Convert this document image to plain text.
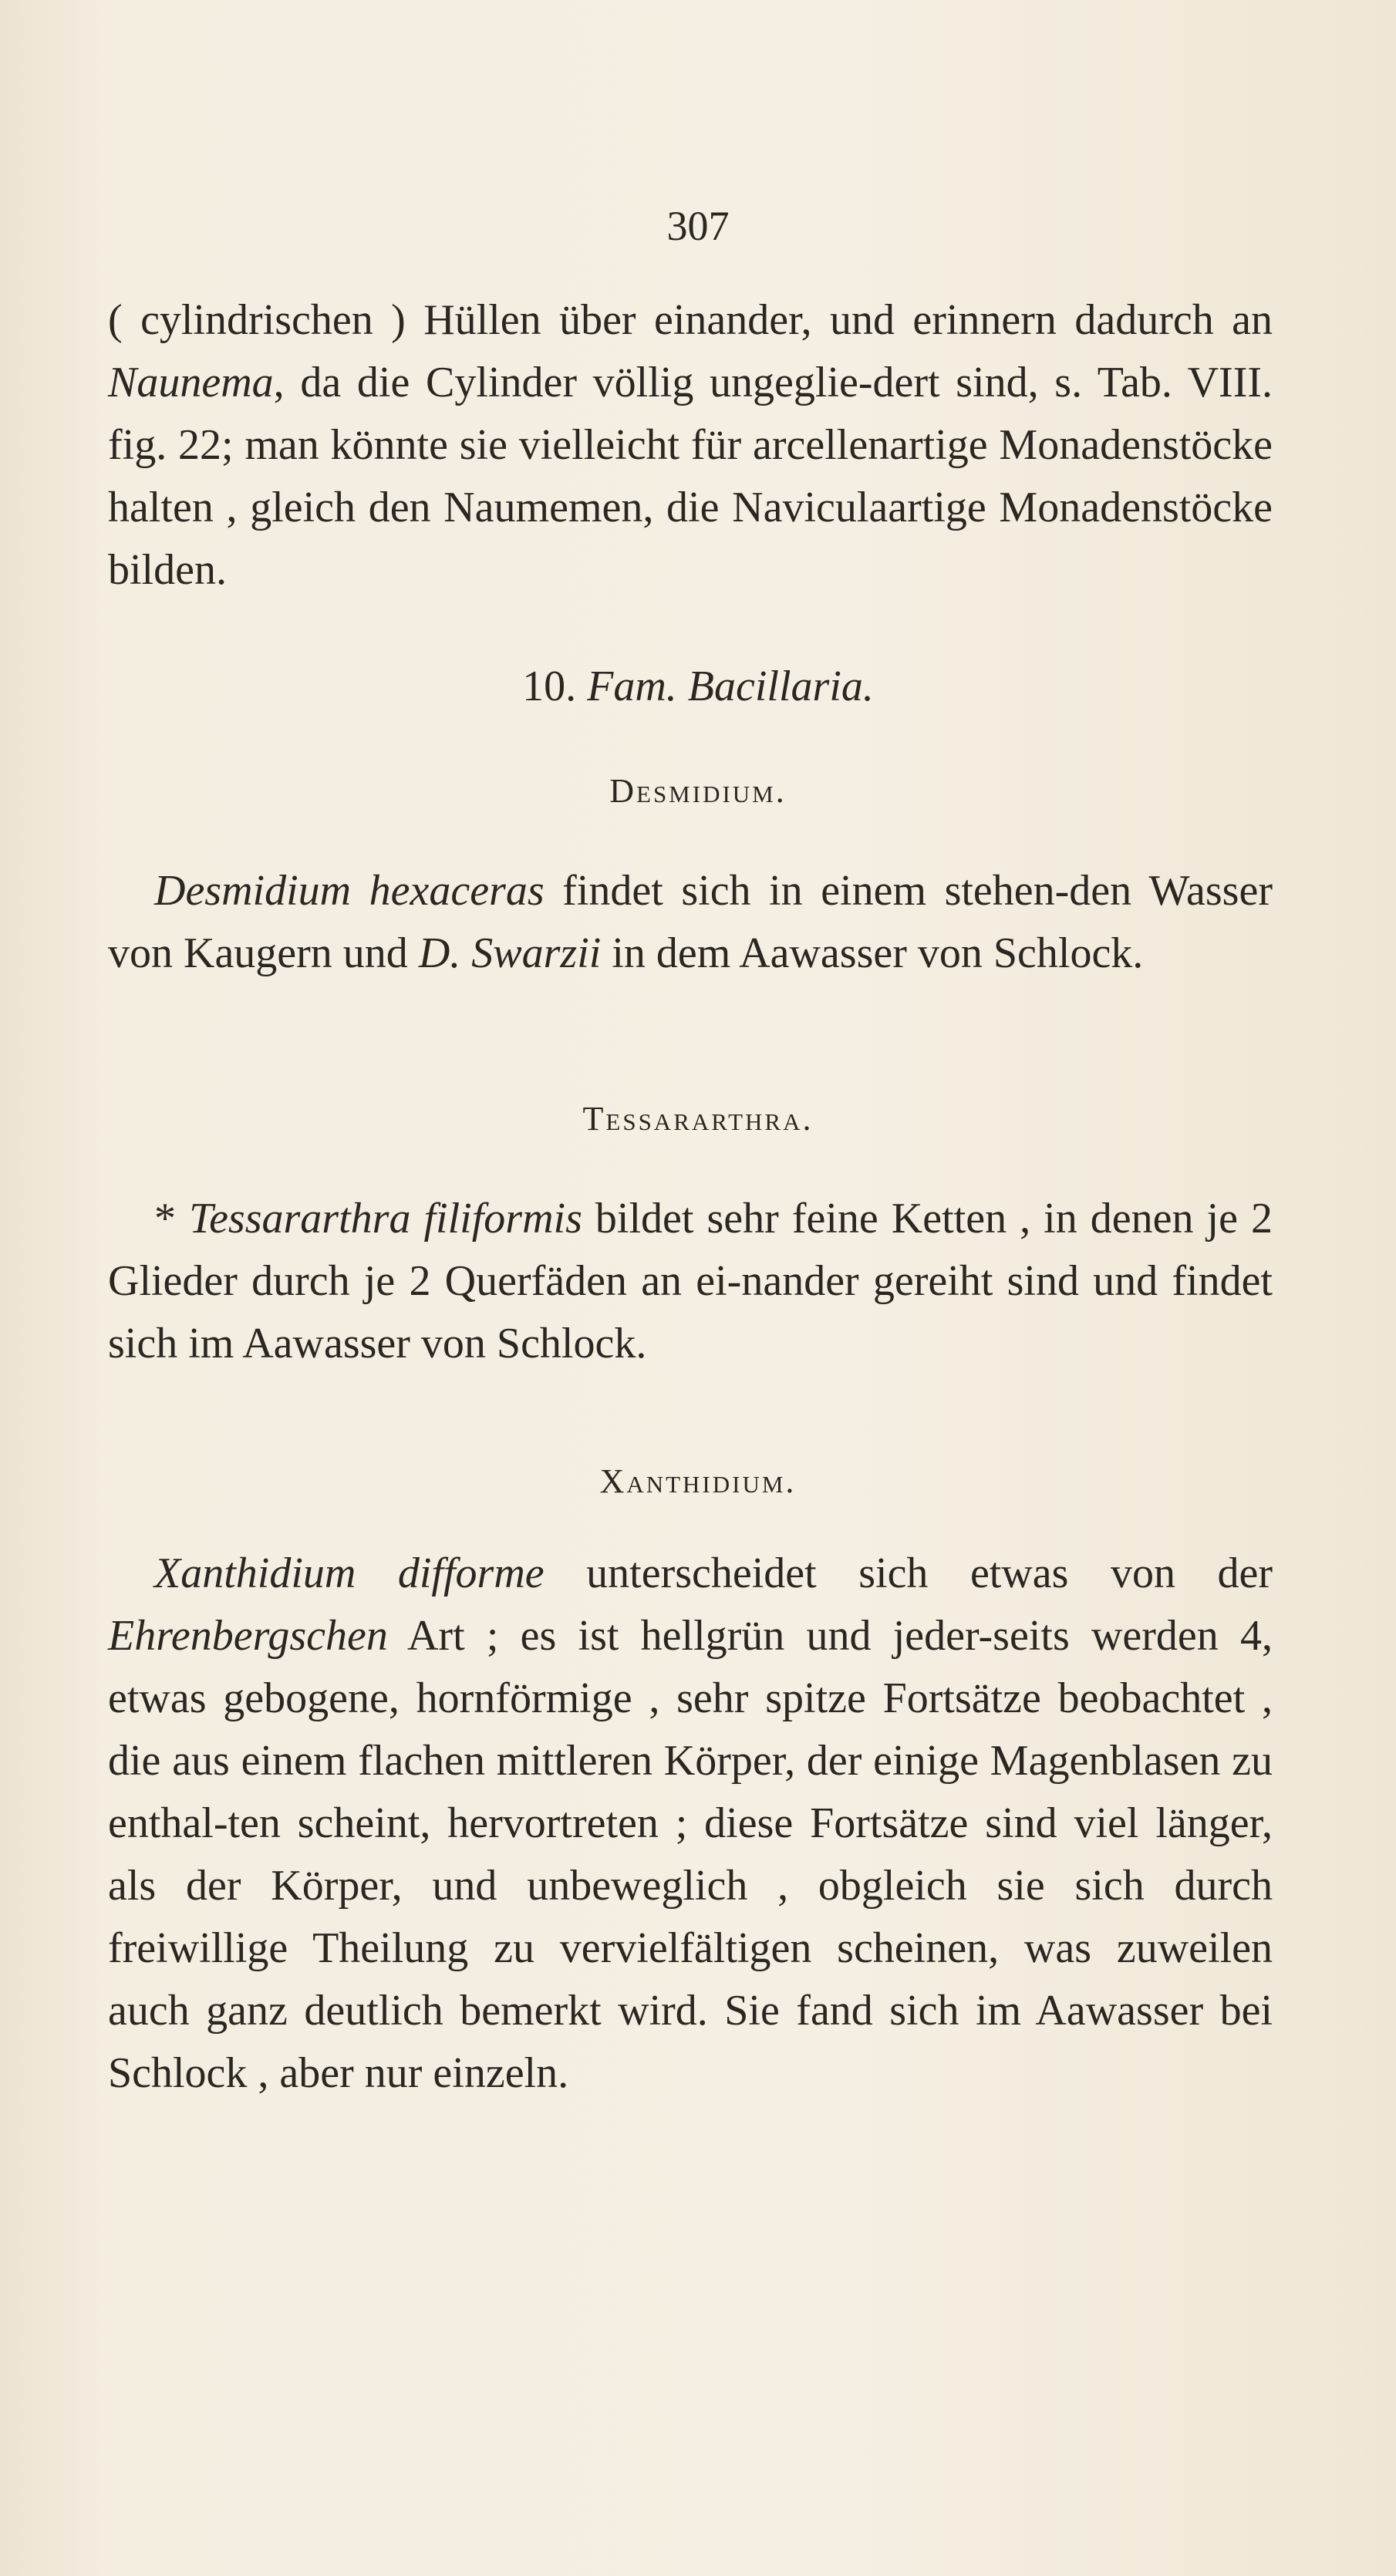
307

( cylindrischen ) Hüllen über einander, und erinnern dadurch an Naunema, da die Cylinder völlig ungeglie-dert sind, s. Tab. VIII. fig. 22; man könnte sie vielleicht für arcellenartige Monadenstöcke halten , gleich den Naumemen, die Naviculaartige Monadenstöcke bilden.

10. Fam. Bacillaria.
Desmidium.

Desmidium hexaceras findet sich in einem stehen-den Wasser von Kaugern und D. Swarzii in dem Aawasser von Schlock.

Tessararthra.

* Tessararthra filiformis bildet sehr feine Ketten , in denen je 2 Glieder durch je 2 Querfäden an ei-nander gereiht sind und findet sich im Aawasser von Schlock.

Xanthidium.

Xanthidium difforme unterscheidet sich etwas von der Ehrenbergschen Art ; es ist hellgrün und jeder-seits werden 4, etwas gebogene, hornförmige , sehr spitze Fortsätze beobachtet , die aus einem flachen mittleren Körper, der einige Magenblasen zu enthal-ten scheint, hervortreten ; diese Fortsätze sind viel länger, als der Körper, und unbeweglich , obgleich sie sich durch freiwillige Theilung zu vervielfältigen scheinen, was zuweilen auch ganz deutlich bemerkt wird. Sie fand sich im Aawasser bei Schlock , aber nur einzeln.
